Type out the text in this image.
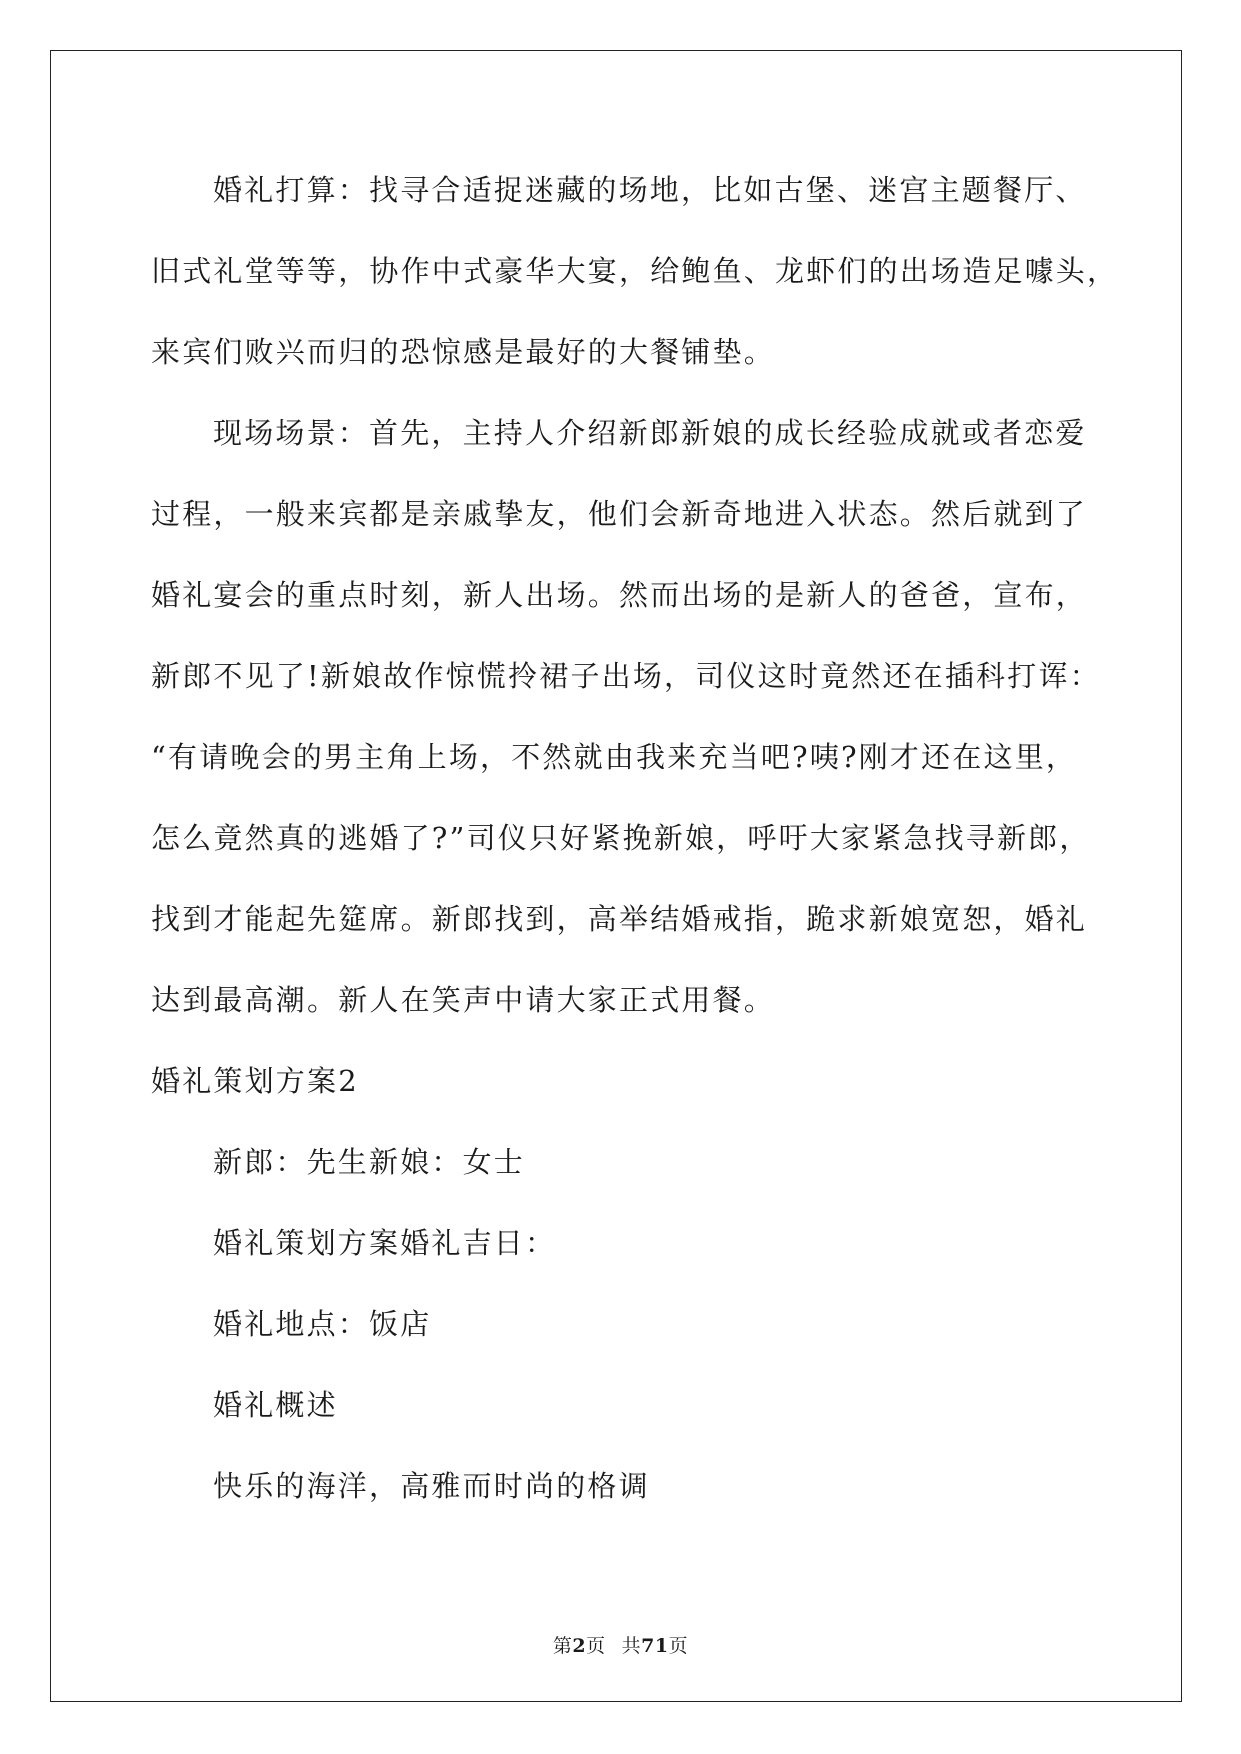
婚礼打算：找寻合适捉迷藏的场地，比如古堡、迷宫主题餐厅、
旧式礼堂等等，协作中式豪华大宴，给鲍鱼、龙虾们的出场造足噱头，
来宾们败兴而归的恐惊感是最好的大餐铺垫。
现场场景：首先，主持人介绍新郎新娘的成长经验成就或者恋爱
过程，一般来宾都是亲戚挚友，他们会新奇地进入状态。然后就到了
婚礼宴会的重点时刻，新人出场。然而出场的是新人的爸爸，宣布，
新郎不见了!新娘故作惊慌拎裙子出场，司仪这时竟然还在插科打诨：
“有请晚会的男主角上场，不然就由我来充当吧?咦?刚才还在这里，
怎么竟然真的逃婚了?”司仪只好紧挽新娘，呼吁大家紧急找寻新郎，
找到才能起先筵席。新郎找到，高举结婚戒指，跪求新娘宽恕，婚礼
达到最高潮。新人在笑声中请大家正式用餐。
婚礼策划方案2
新郎：先生新娘：女士
婚礼策划方案婚礼吉日：
婚礼地点：饭店
婚礼概述
快乐的海洋，高雅而时尚的格调
第2页 共71页
